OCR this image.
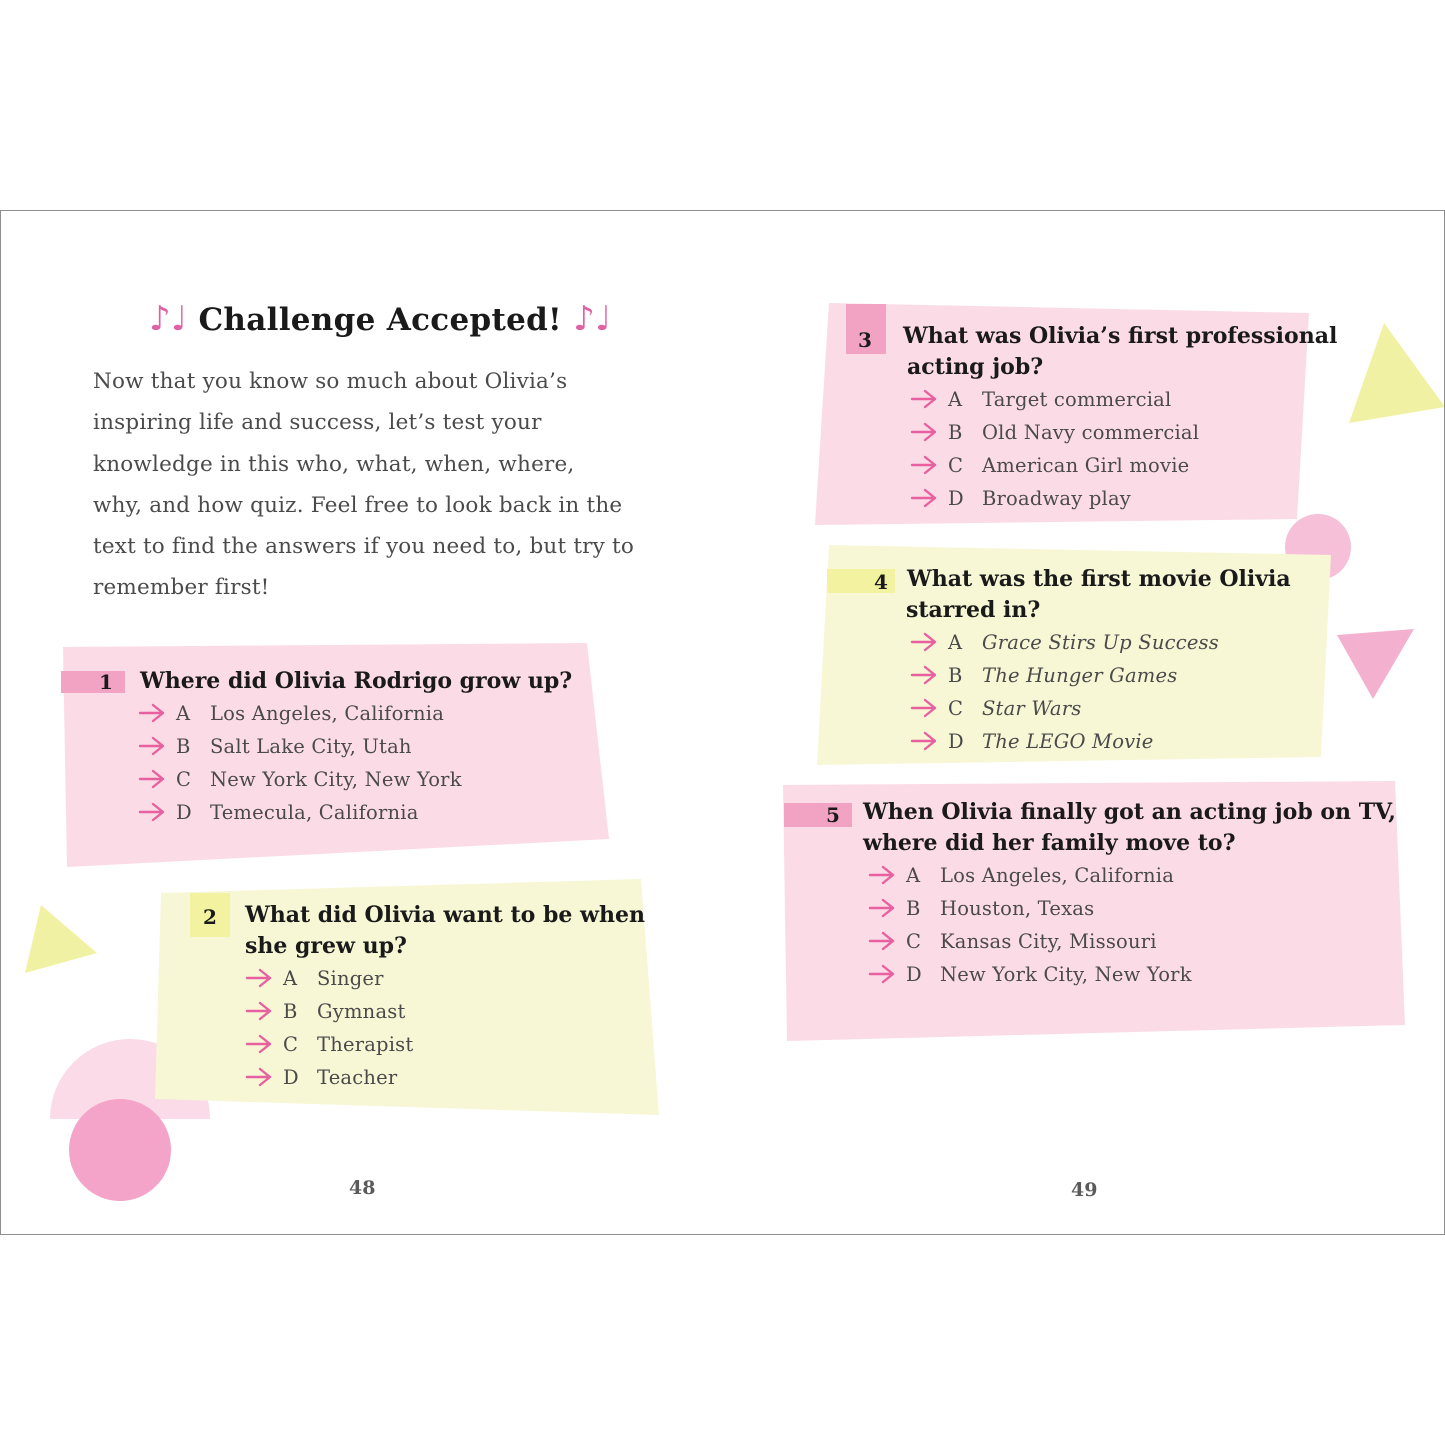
♪♩ Challenge Accepted! ♪♩
Now that you know so much about Olivia’s
inspiring life and success, let’s test your
knowledge in this who, what, when, where,
why, and how quiz. Feel free to look back in the
text to find the answers if you need to, but try to
remember first!
1 Where did Olivia Rodrigo grow up?
A Los Angeles, California
B Salt Lake City, Utah
C New York City, New York
D Temecula, California
2 What did Olivia want to be when
she grew up?
A Singer
B Gymnast
C Therapist
D Teacher
3 What was Olivia’s first professional
acting job?
A Target commercial
B Old Navy commercial
C American Girl movie
D Broadway play
4 What was the first movie Olivia
starred in?
A Grace Stirs Up Success
B The Hunger Games
C Star Wars
D The LEGO Movie
5 When Olivia finally got an acting job on TV,
where did her family move to?
A Los Angeles, California
B Houston, Texas
C Kansas City, Missouri
D New York City, New York
48	49
